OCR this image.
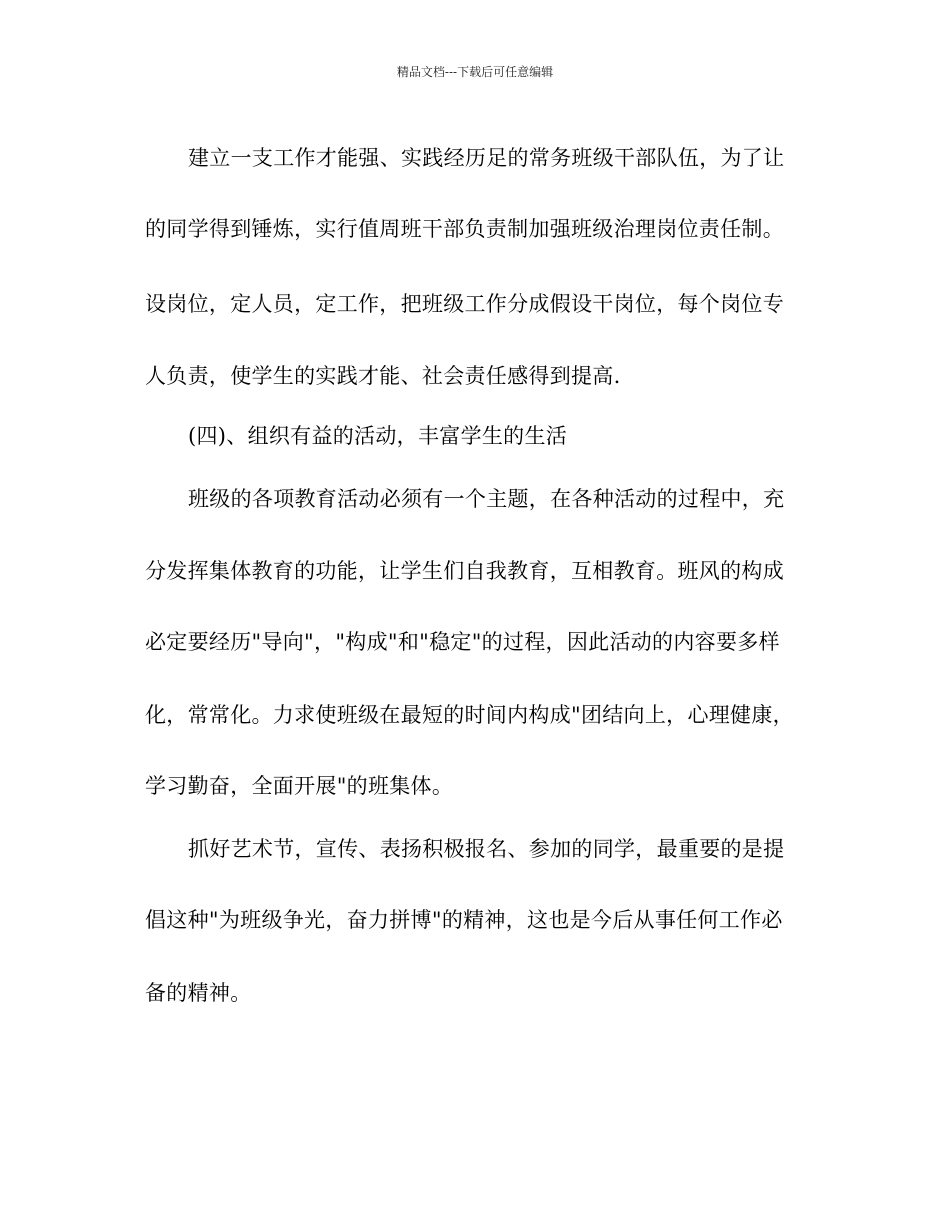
精品文档---下载后可任意编辑
建立一支工作才能强、实践经历足的常务班级干部队伍，为了让
的同学得到锤炼，实行值周班干部负责制加强班级治理岗位责任制。
设岗位，定人员，定工作，把班级工作分成假设干岗位，每个岗位专
人负责，使学生的实践才能、社会责任感得到提高.
(四)、组织有益的活动，丰富学生的生活
班级的各项教育活动必须有一个主题，在各种活动的过程中，充
分发挥集体教育的功能，让学生们自我教育，互相教育。班风的构成
必定要经历"导向"，"构成"和"稳定"的过程，因此活动的内容要多样
化，常常化。力求使班级在最短的时间内构成"团结向上，心理健康，
学习勤奋，全面开展"的班集体。
抓好艺术节，宣传、表扬积极报名、参加的同学，最重要的是提
倡这种"为班级争光，奋力拼博"的精神，这也是今后从事任何工作必
备的精神。
